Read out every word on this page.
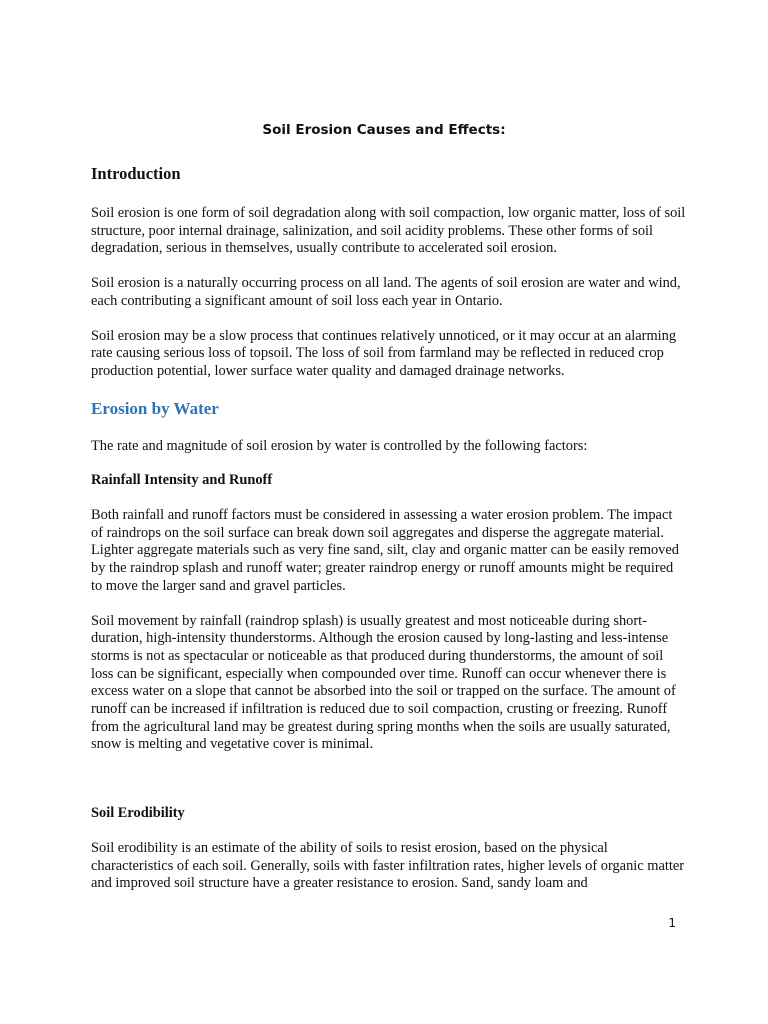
Soil Erosion Causes and Effects:
Introduction

Soil erosion is one form of soil degradation along with soil compaction, low organic matter, loss of soil structure, poor internal drainage, salinization, and soil acidity problems. These other forms of soil degradation, serious in themselves, usually contribute to accelerated soil erosion.

Soil erosion is a naturally occurring process on all land. The agents of soil erosion are water and wind, each contributing a significant amount of soil loss each year in Ontario.

Soil erosion may be a slow process that continues relatively unnoticed, or it may occur at an alarming rate causing serious loss of topsoil. The loss of soil from farmland may be reflected in reduced crop production potential, lower surface water quality and damaged drainage networks.

Erosion by Water

The rate and magnitude of soil erosion by water is controlled by the following factors:

Rainfall Intensity and Runoff

Both rainfall and runoff factors must be considered in assessing a water erosion problem. The impact of raindrops on the soil surface can break down soil aggregates and disperse the aggregate material. Lighter aggregate materials such as very fine sand, silt, clay and organic matter can be easily removed by the raindrop splash and runoff water; greater raindrop energy or runoff amounts might be required to move the larger sand and gravel particles.

Soil movement by rainfall (raindrop splash) is usually greatest and most noticeable during short-duration, high-intensity thunderstorms. Although the erosion caused by long-lasting and less-intense storms is not as spectacular or noticeable as that produced during thunderstorms, the amount of soil loss can be significant, especially when compounded over time. Runoff can occur whenever there is excess water on a slope that cannot be absorbed into the soil or trapped on the surface. The amount of runoff can be increased if infiltration is reduced due to soil compaction, crusting or freezing. Runoff from the agricultural land may be greatest during spring months when the soils are usually saturated, snow is melting and vegetative cover is minimal.

Soil Erodibility

Soil erodibility is an estimate of the ability of soils to resist erosion, based on the physical characteristics of each soil. Generally, soils with faster infiltration rates, higher levels of organic matter and improved soil structure have a greater resistance to erosion. Sand, sandy loam and

1
